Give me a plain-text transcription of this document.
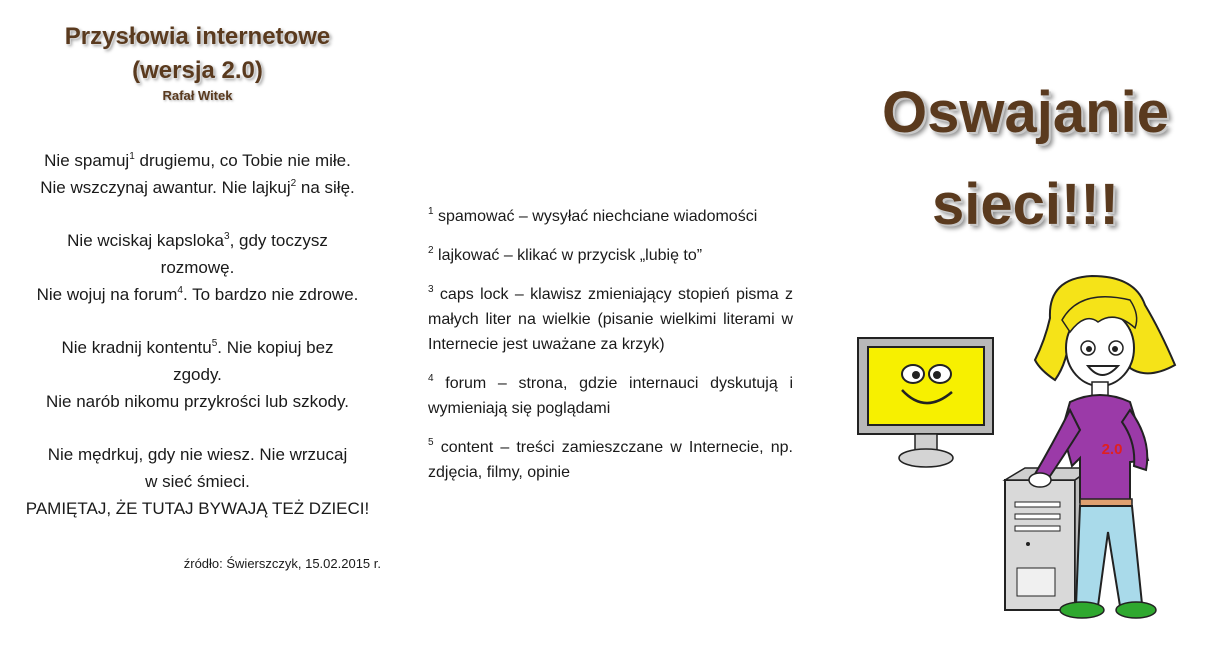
Przysłowia internetowe
(wersja 2.0)
Rafał Witek
Nie spamuj$^1$ drugiemu, co Tobie nie miłe.
Nie wszczynaj awantur. Nie lajkuj$^2$ na siłę.
Nie wciskaj kapsloka$^3$, gdy toczysz
rozmowę.
Nie wojuj na forum$^4$. To bardzo nie zdrowe.
Nie kradnij kontentu$^5$. Nie kopiuj bez
zgody.
Nie narób nikomu przykrości lub szkody.
Nie mędrkuj, gdy nie wiesz. Nie wrzucaj
w sieć śmieci.
PAMIĘTAJ, ŻE TUTAJ BYWAJĄ TEŻ DZIECI!
źródło: Świerszczyk, 15.02.2015 r.
$^1$ spamować – wysyłać niechciane wiadomości
$^2$ lajkować – klikać w przycisk „lubię to”
$^3$ caps lock – klawisz zmieniający stopień pisma z małych liter na wielkie (pisanie wielkimi literami w Internecie jest uważane za krzyk)
$^4$ forum – strona, gdzie internauci dyskutują i wymieniają się poglądami
$^5$ content – treści zamieszczane w Internecie, np. zdjęcia, filmy, opinie
Oswajanie
sieci!!!
2.0
